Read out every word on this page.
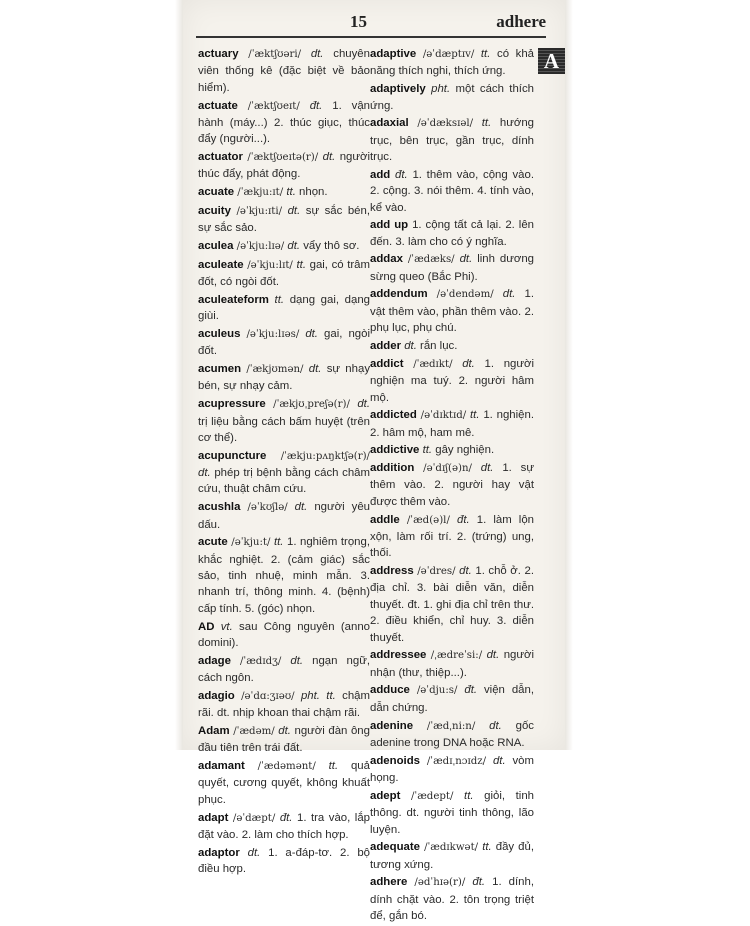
15	adhere
A
actuary /ˈæktʃʊəri/ dt. chuyên viên thống kê (đặc biệt về bảo hiểm).
actuate /ˈæktʃʊeɪt/ đt. 1. vận hành (máy...) 2. thúc giục, thúc đẩy (người...).
actuator /ˈæktʃʊeɪtə(r)/ dt. người thúc đẩy, phát động.
acuate /ˈækju:ɪt/ tt. nhọn.
acuity /əˈkju:ɪti/ dt. sự sắc bén, sự sắc sảo.
aculea /əˈkju:lɪə/ dt. vẩy thô sơ.
aculeate /əˈkju:lɪt/ tt. gai, có trâm đốt, có ngòi đốt.
aculeateform tt. dạng gai, dạng giùi.
aculeus /əˈkju:lɪəs/ dt. gai, ngòi đốt.
acumen /ˈækjʊmən/ dt. sự nhạy bén, sự nhạy cảm.
acupressure /ˈækjʊˌpreʃə(r)/ dt. trị liệu bằng cách bấm huyệt (trên cơ thể).
acupuncture /ˈækju:pʌŋktʃə(r)/ dt. phép trị bệnh bằng cách châm cứu, thuật châm cứu.
acushla /əˈkʊʃlə/ dt. người yêu dấu.
acute /əˈkju:t/ tt. 1. nghiêm trọng, khắc nghiệt. 2. (cảm giác) sắc sảo, tinh nhuệ, minh mẫn. 3. nhanh trí, thông minh. 4. (bệnh) cấp tính. 5. (góc) nhọn.
AD vt. sau Công nguyên (anno domini).
adage /ˈædɪdʒ/ dt. ngạn ngữ, cách ngôn.
adagio /əˈdɑ:ʒɪəʊ/ pht. tt. chậm rãi. dt. nhịp khoan thai chậm rãi.
Adam /ˈædəm/ dt. người đàn ông đầu tiên trên trái đất.
adamant /ˈædəmənt/ tt. quả quyết, cương quyết, không khuất phục.
adapt /əˈdæpt/ đt. 1. tra vào, lắp đặt vào. 2. làm cho thích hợp.
adaptor dt. 1. a-đáp-tơ. 2. bộ điều hợp.
adaptive /əˈdæptɪv/ tt. có khả năng thích nghi, thích ứng.
adaptively pht. một cách thích ứng.
adaxial /əˈdæksɪəl/ tt. hướng trục, bên trục, gần trục, dính trục.
add đt. 1. thêm vào, cộng vào. 2. cộng. 3. nói thêm. 4. tính vào, kể vào.
add up 1. cộng tất cả lại. 2. lên đến. 3. làm cho có ý nghĩa.
addax /ˈædæks/ dt. linh dương sừng queo (Bắc Phi).
addendum /əˈdendəm/ dt. 1. vật thêm vào, phần thêm vào. 2. phụ lục, phụ chú.
adder dt. rắn lục.
addict /ˈædɪkt/ dt. 1. người nghiện ma tuý. 2. người hâm mộ.
addicted /əˈdɪktɪd/ tt. 1. nghiện. 2. hâm mộ, ham mê.
addictive tt. gây nghiện.
addition /əˈdɪʃ(ə)n/ dt. 1. sự thêm vào. 2. người hay vật được thêm vào.
addle /ˈæd(ə)l/ đt. 1. làm lộn xộn, làm rối trí. 2. (trứng) ung, thối.
address /əˈdres/ dt. 1. chỗ ở. 2. địa chỉ. 3. bài diễn văn, diễn thuyết. đt. 1. ghi địa chỉ trên thư. 2. điều khiển, chỉ huy. 3. diễn thuyết.
addressee /ˌædreˈsi:/ dt. người nhận (thư, thiệp...).
adduce /əˈdju:s/ đt. viện dẫn, dẫn chứng.
adenine /ˈædˌni:n/ dt. gốc adenine trong DNA hoặc RNA.
adenoids /ˈædɪˌnɔɪdz/ dt. vòm họng.
adept /ˈædept/ tt. giỏi, tinh thông. dt. người tinh thông, lão luyện.
adequate /ˈædɪkwət/ tt. đầy đủ, tương xứng.
adhere /ədˈhɪə(r)/ đt. 1. dính, dính chặt vào. 2. tôn trọng triệt để, gắn bó.
